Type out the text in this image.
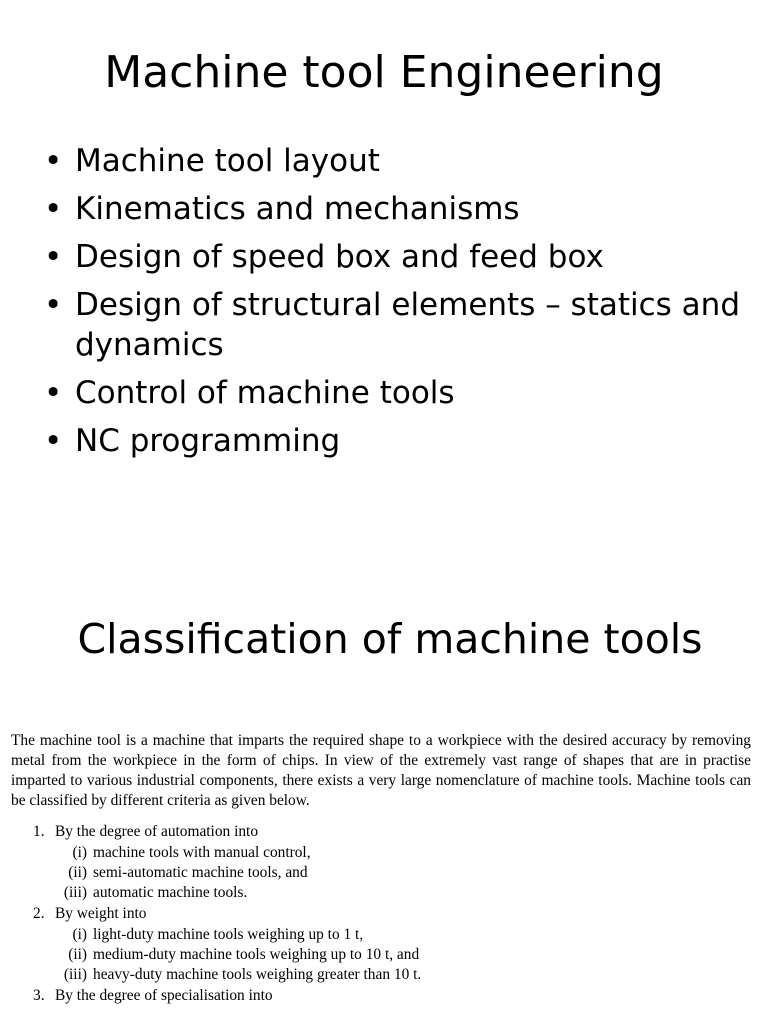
Machine tool Engineering
• Machine tool layout
• Kinematics and mechanisms
• Design of speed box and feed box
• Design of structural elements – statics and dynamics
• Control of machine tools
• NC programming
Classification of machine tools

The machine tool is a machine that imparts the required shape to a workpiece with the desired accuracy by removing metal from the workpiece in the form of chips. In view of the extremely vast range of shapes that are in practise imparted to various industrial components, there exists a very large nomenclature of machine tools. Machine tools can be classified by different criteria as given below.

1. By the degree of automation into
(i) machine tools with manual control,
(ii) semi-automatic machine tools, and
(iii) automatic machine tools.
2. By weight into
(i) light-duty machine tools weighing up to 1 t,
(ii) medium-duty machine tools weighing up to 10 t, and
(iii) heavy-duty machine tools weighing greater than 10 t.
3. By the degree of specialisation into
